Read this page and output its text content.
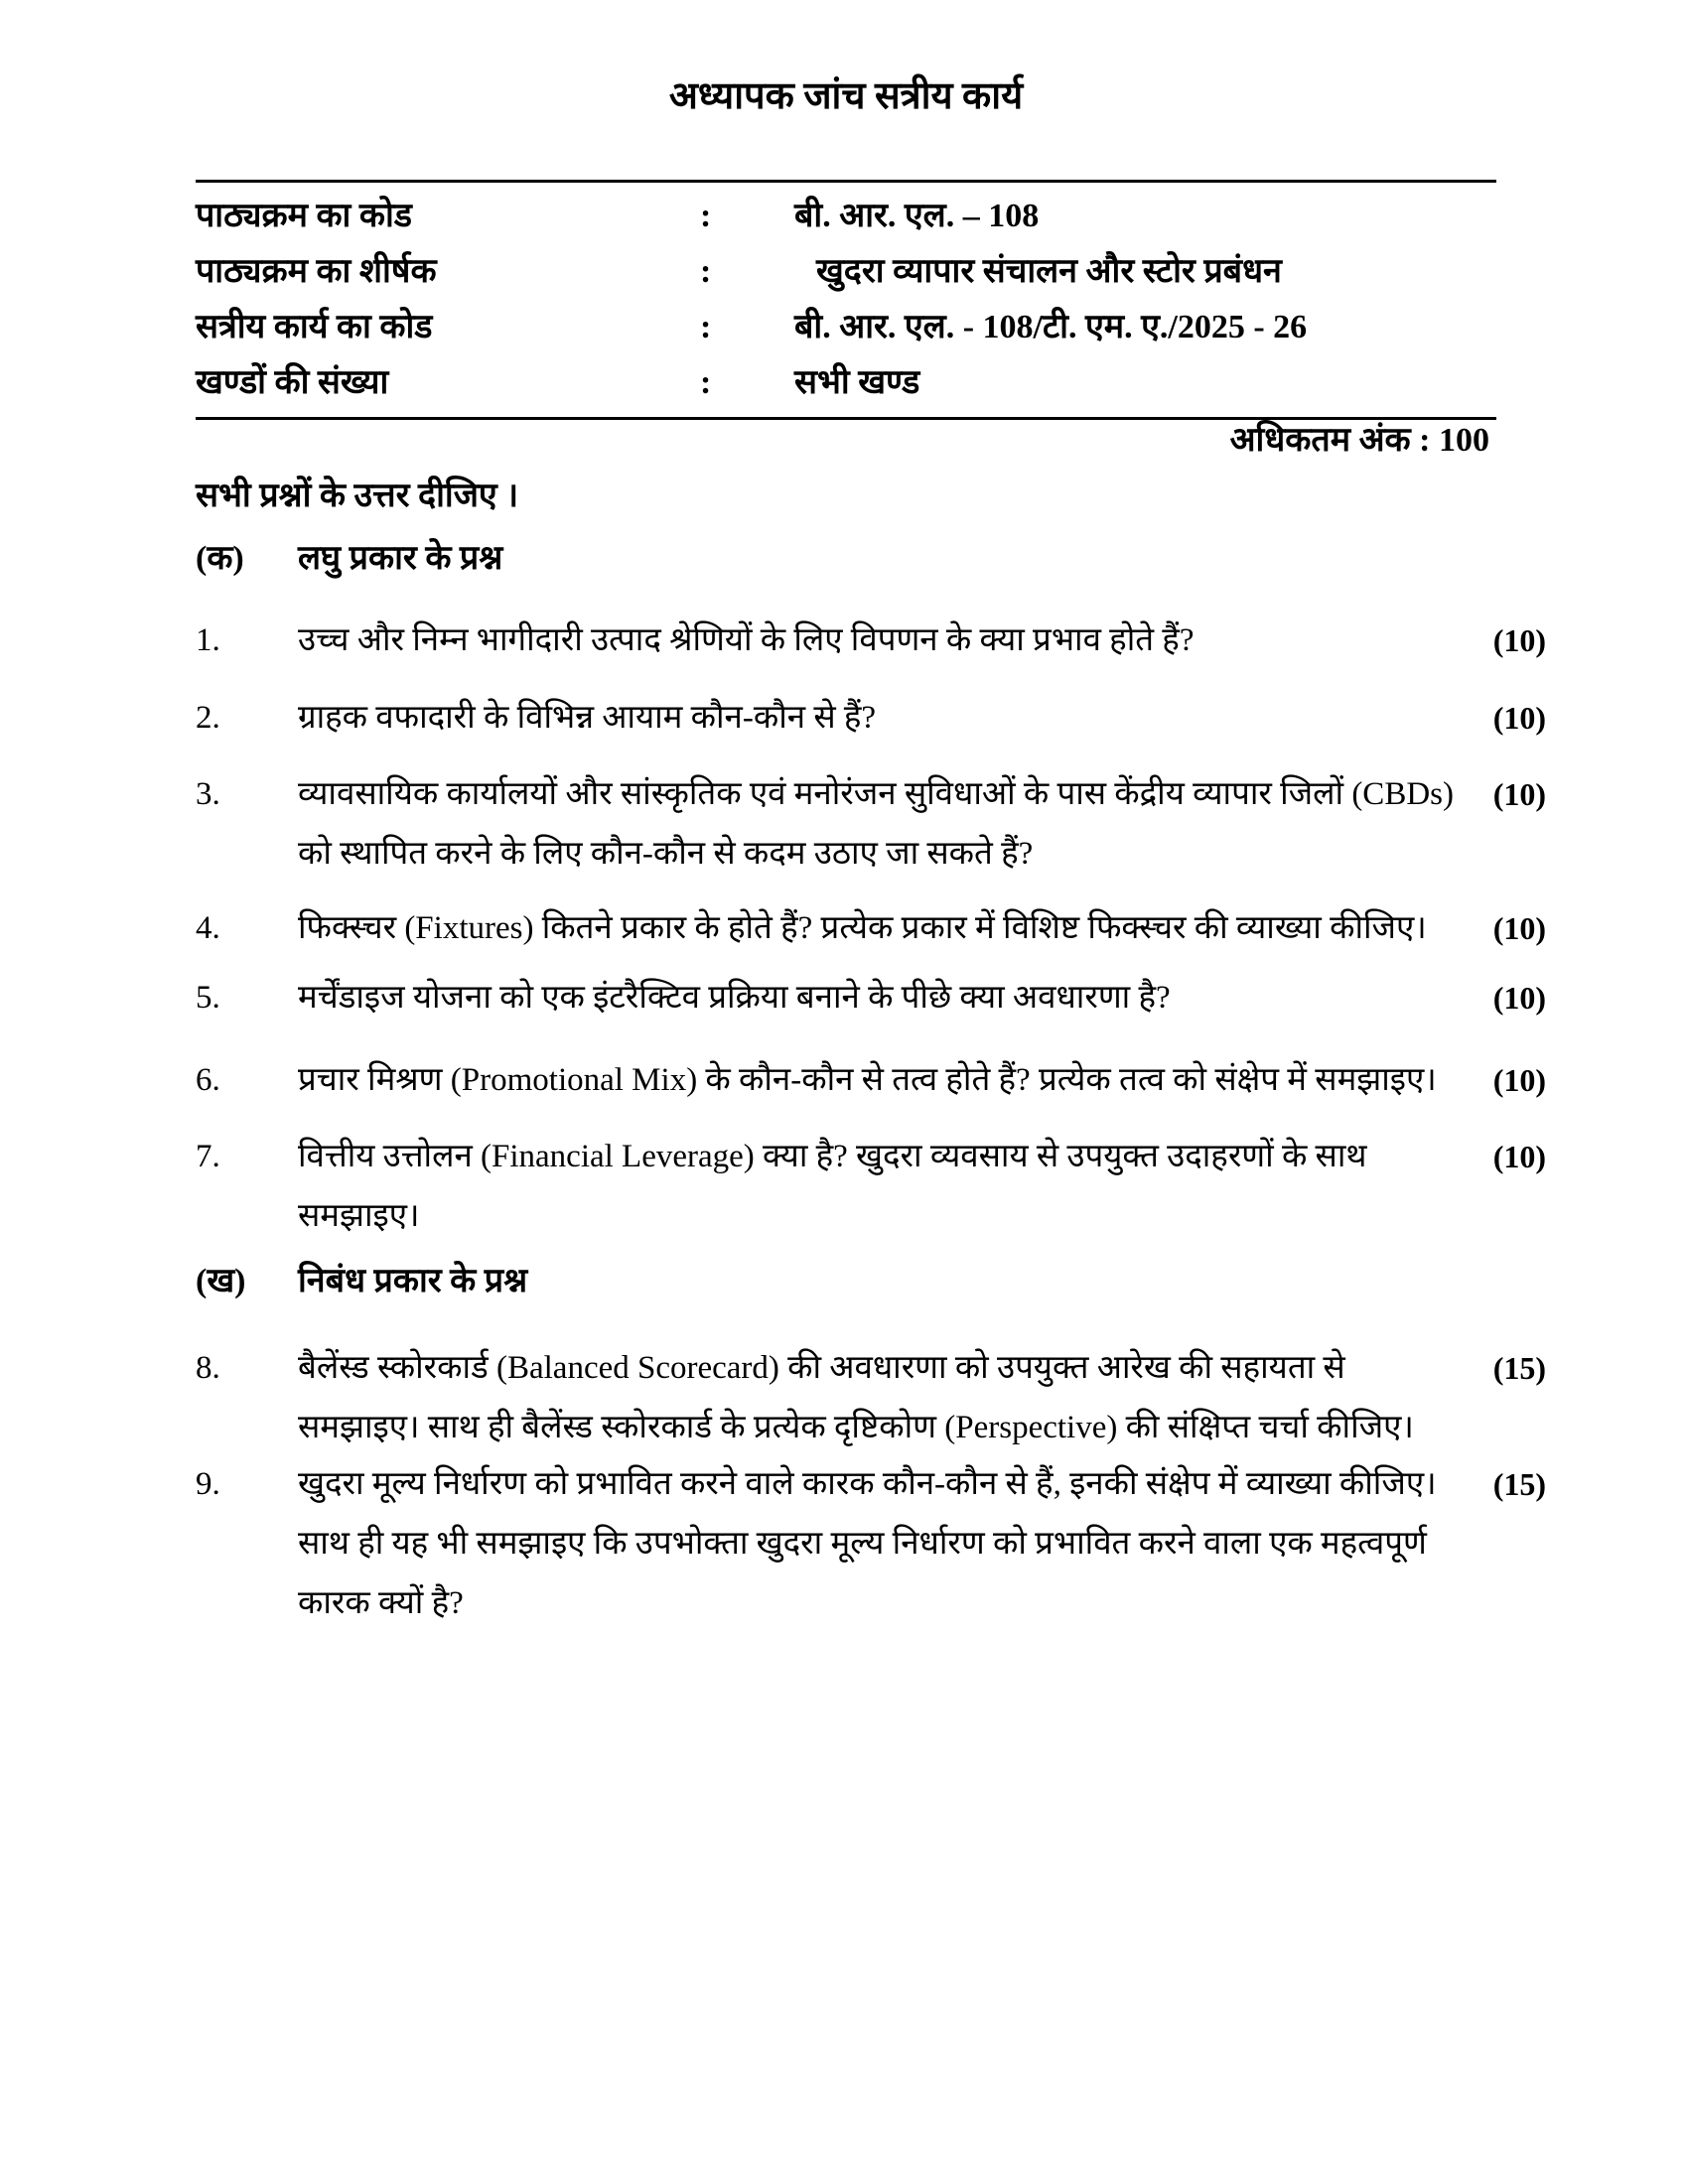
अध्यापक जांच सत्रीय कार्य
पाठ्यक्रम का कोड	:	बी. आर. एल. – 108
पाठ्यक्रम का शीर्षक	:	खुदरा व्यापार संचालन और स्टोर प्रबंधन
सत्रीय कार्य का कोड	:	बी. आर. एल. - 108/टी. एम. ए./2025 - 26
खण्डों की संख्या	:	सभी खण्ड
अधिकतम अंक : 100
सभी प्रश्नों के उत्तर दीजिए ।
(क)	लघु प्रकार के प्रश्न
1.	उच्च और निम्न भागीदारी उत्पाद श्रेणियों के लिए विपणन के क्या प्रभाव होते हैं?	(10)
2.	ग्राहक वफादारी के विभिन्न आयाम कौन-कौन से हैं?	(10)
3.	व्यावसायिक कार्यालयों और सांस्कृतिक एवं मनोरंजन सुविधाओं के पास केंद्रीय व्यापार जिलों (CBDs)
को स्थापित करने के लिए कौन-कौन से कदम उठाए जा सकते हैं?
(10)
4.	फिक्स्चर (Fixtures) कितने प्रकार के होते हैं? प्रत्येक प्रकार में विशिष्ट फिक्स्चर की व्याख्या कीजिए।	(10)
5.	मर्चेंडाइज योजना को एक इंटरैक्टिव प्रक्रिया बनाने के पीछे क्या अवधारणा है?	(10)
6.	प्रचार मिश्रण (Promotional Mix) के कौन-कौन से तत्व होते हैं? प्रत्येक तत्व को संक्षेप में समझाइए।	(10)
7.	वित्तीय उत्तोलन (Financial Leverage) क्या है? खुदरा व्यवसाय से उपयुक्त उदाहरणों के साथ
समझाइए।
(10)
(ख)	निबंध प्रकार के प्रश्न
8.	बैलेंस्ड स्कोरकार्ड (Balanced Scorecard) की अवधारणा को उपयुक्त आरेख की सहायता से
समझाइए। साथ ही बैलेंस्ड स्कोरकार्ड के प्रत्येक दृष्टिकोण (Perspective) की संक्षिप्त चर्चा कीजिए।
(15)
9.	खुदरा मूल्य निर्धारण को प्रभावित करने वाले कारक कौन-कौन से हैं, इनकी संक्षेप में व्याख्या कीजिए।
साथ ही यह भी समझाइए कि उपभोक्ता खुदरा मूल्य निर्धारण को प्रभावित करने वाला एक महत्वपूर्ण
कारक क्यों है?
(15)
